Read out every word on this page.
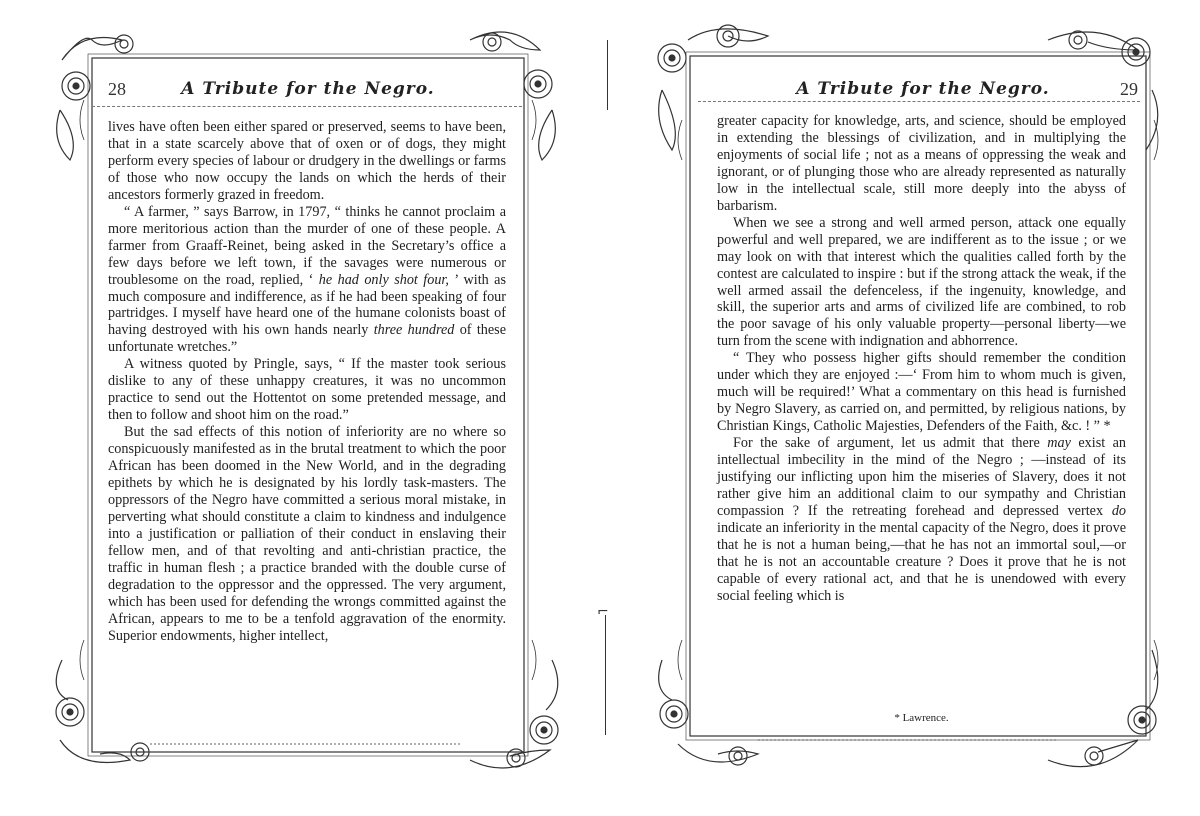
28	A Tribute for the Negro.

lives have often been either spared or preserved, seems to have been, that in a state scarcely above that of oxen or of dogs, they might perform every species of labour or drudgery in the dwellings or farms of those who now occupy the lands on which the herds of their ancestors formerly grazed in freedom.

“ A farmer, ” says Barrow, in 1797, “ thinks he cannot proclaim a more meritorious action than the murder of one of these people. A farmer from Graaff-Reinet, being asked in the Secretary’s office a few days before we left town, if the savages were numerous or troublesome on the road, replied, ‘ he had only shot four, ’ with as much composure and indifference, as if he had been speaking of four partridges. I myself have heard one of the humane colonists boast of having destroyed with his own hands nearly three hundred of these unfortunate wretches.”

A witness quoted by Pringle, says, “ If the master took serious dislike to any of these unhappy creatures, it was no uncommon practice to send out the Hottentot on some pretended message, and then to follow and shoot him on the road.”

But the sad effects of this notion of inferiority are no where so conspicuously manifested as in the brutal treatment to which the poor African has been doomed in the New World, and in the degrading epithets by which he is designated by his lordly task-masters. The oppressors of the Negro have committed a serious moral mistake, in perverting what should constitute a claim to kindness and indulgence into a justification or palliation of their conduct in enslaving their fellow men, and of that revolting and anti-christian practice, the traffic in human flesh ; a practice branded with the double curse of degradation to the oppressor and the oppressed. The very argument, which has been used for defending the wrongs committed against the African, appears to me to be a tenfold aggravation of the enormity. Superior endowments, higher intellect,

⌐
A Tribute for the Negro.	29

greater capacity for knowledge, arts, and science, should be employed in extending the blessings of civilization, and in multiplying the enjoyments of social life ; not as a means of oppressing the weak and ignorant, or of plunging those who are already represented as naturally low in the intellectual scale, still more deeply into the abyss of barbarism.

When we see a strong and well armed person, attack one equally powerful and well prepared, we are indifferent as to the issue ; or we may look on with that interest which the qualities called forth by the contest are calculated to inspire : but if the strong attack the weak, if the well armed assail the defenceless, if the ingenuity, knowledge, and skill, the superior arts and arms of civilized life are combined, to rob the poor savage of his only valuable property—personal liberty—we turn from the scene with indignation and abhorrence.

“ They who possess higher gifts should remember the condition under which they are enjoyed :—‘ From him to whom much is given, much will be required!’ What a commentary on this head is furnished by Negro Slavery, as carried on, and permitted, by religious nations, by Christian Kings, Catholic Majesties, Defenders of the Faith, &c. ! ” *

For the sake of argument, let us admit that there may exist an intellectual imbecility in the mind of the Negro ; —instead of its justifying our inflicting upon him the miseries of Slavery, does it not rather give him an additional claim to our sympathy and Christian compassion ? If the retreating forehead and depressed vertex do indicate an inferiority in the mental capacity of the Negro, does it prove that he is not a human being,—that he has not an immortal soul,—or that he is not an accountable creature ? Does it prove that he is not capable of every rational act, and that he is unendowed with every social feeling which is

* Lawrence.
